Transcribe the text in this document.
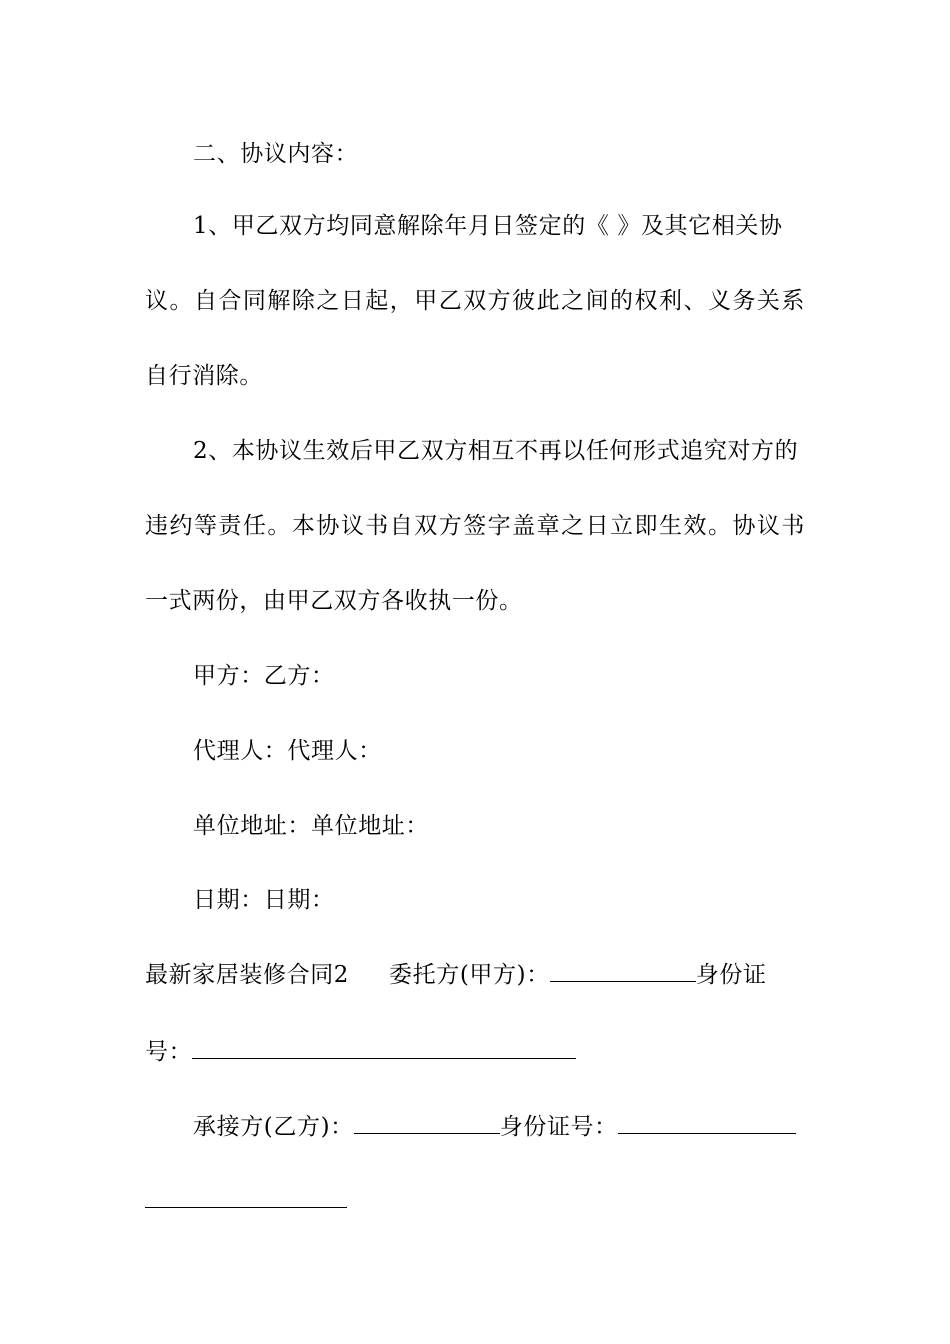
二、协议内容：
1、甲乙双方均同意解除年月日签定的《 》及其它相关协
议。自合同解除之日起，甲乙双方彼此之间的权利、义务关系
自行消除。
2、本协议生效后甲乙双方相互不再以任何形式追究对方的
违约等责任。本协议书自双方签字盖章之日立即生效。协议书
一式两份，由甲乙双方各收执一份。
甲方：乙方：
代理人：代理人：
单位地址：单位地址：
日期：日期：
最新家居装修合同2 委托方(甲方)：	身份证
号：
承接方(乙方)：	身份证号：
